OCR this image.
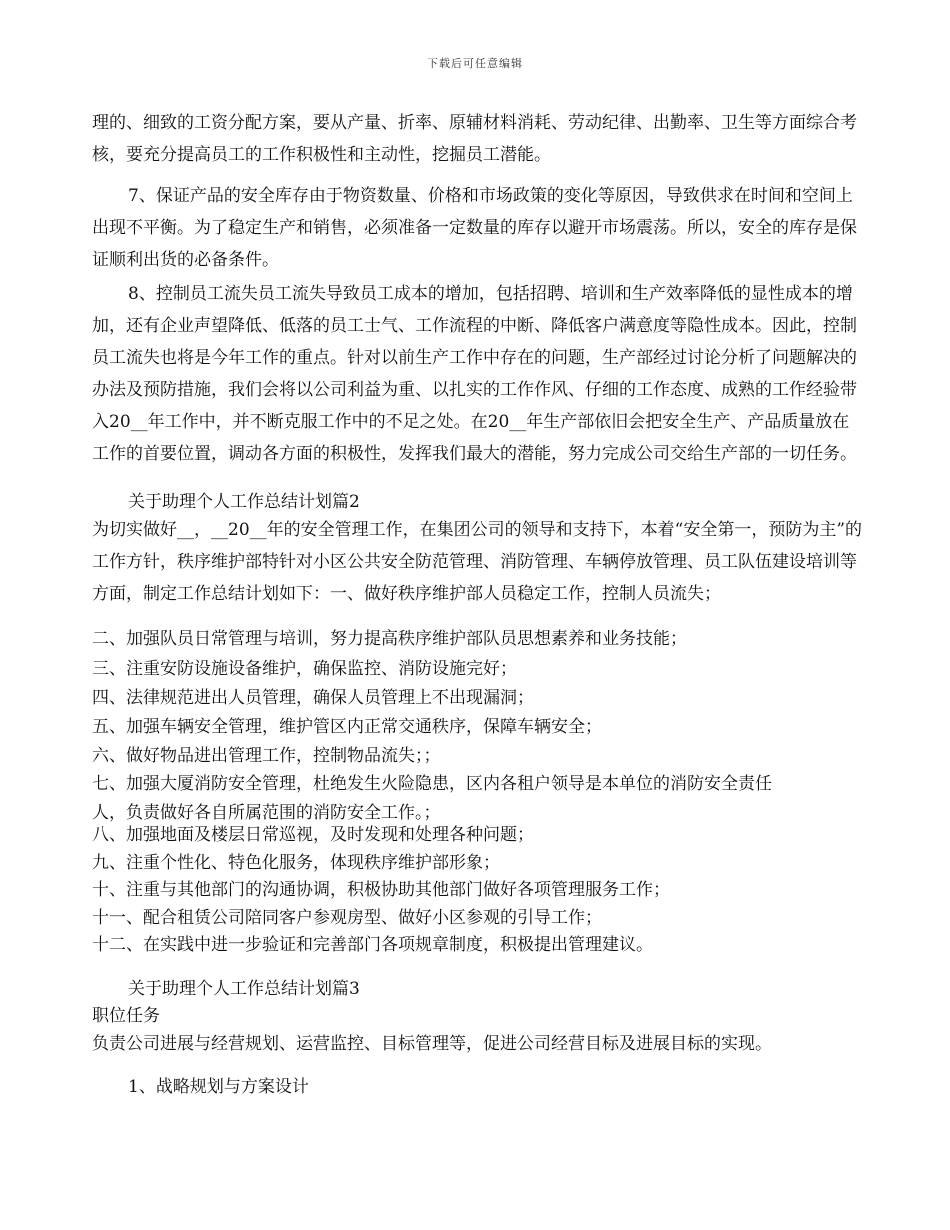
下载后可任意编辑

理的、细致的工资分配方案，要从产量、折率、原辅材料消耗、劳动纪律、出勤率、卫生等方面综合考核，要充分提高员工的工作积极性和主动性，挖掘员工潜能。

7、保证产品的安全库存由于物资数量、价格和市场政策的变化等原因，导致供求在时间和空间上出现不平衡。为了稳定生产和销售，必须准备一定数量的库存以避开市场震荡。所以，安全的库存是保证顺利出货的必备条件。

8、控制员工流失员工流失导致员工成本的增加，包括招聘、培训和生产效率降低的显性成本的增加，还有企业声望降低、低落的员工士气、工作流程的中断、降低客户满意度等隐性成本。因此，控制员工流失也将是今年工作的重点。针对以前生产工作中存在的问题，生产部经过讨论分析了问题解决的办法及预防措施，我们会将以公司利益为重、以扎实的工作作风、仔细的工作态度、成熟的工作经验带入20__年工作中，并不断克服工作中的不足之处。在20__年生产部依旧会把安全生产、产品质量放在工作的首要位置，调动各方面的积极性，发挥我们最大的潜能，努力完成公司交给生产部的一切任务。

关于助理个人工作总结计划篇2

为切实做好__，__20__年的安全管理工作，在集团公司的领导和支持下，本着“安全第一，预防为主”的工作方针，秩序维护部特针对小区公共安全防范管理、消防管理、车辆停放管理、员工队伍建设培训等方面，制定工作总结计划如下：一、做好秩序维护部人员稳定工作，控制人员流失；

二、加强队员日常管理与培训，努力提高秩序维护部队员思想素养和业务技能；
三、注重安防设施设备维护，确保监控、消防设施完好；
四、法律规范进出人员管理，确保人员管理上不出现漏洞；
五、加强车辆安全管理，维护管区内正常交通秩序，保障车辆安全；
六、做好物品进出管理工作，控制物品流失；；
七、加强大厦消防安全管理，杜绝发生火险隐患，区内各租户领导是本单位的消防安全责任
人，负责做好各自所属范围的消防安全工作。；
八、加强地面及楼层日常巡视，及时发现和处理各种问题；
九、注重个性化、特色化服务，体现秩序维护部形象；
十、注重与其他部门的沟通协调，积极协助其他部门做好各项管理服务工作；
十一、配合租赁公司陪同客户参观房型、做好小区参观的引导工作；
十二、在实践中进一步验证和完善部门各项规章制度，积极提出管理建议。
关于助理个人工作总结计划篇3
职位任务
负责公司进展与经营规划、运营监控、目标管理等，促进公司经营目标及进展目标的实现。
1、战略规划与方案设计
